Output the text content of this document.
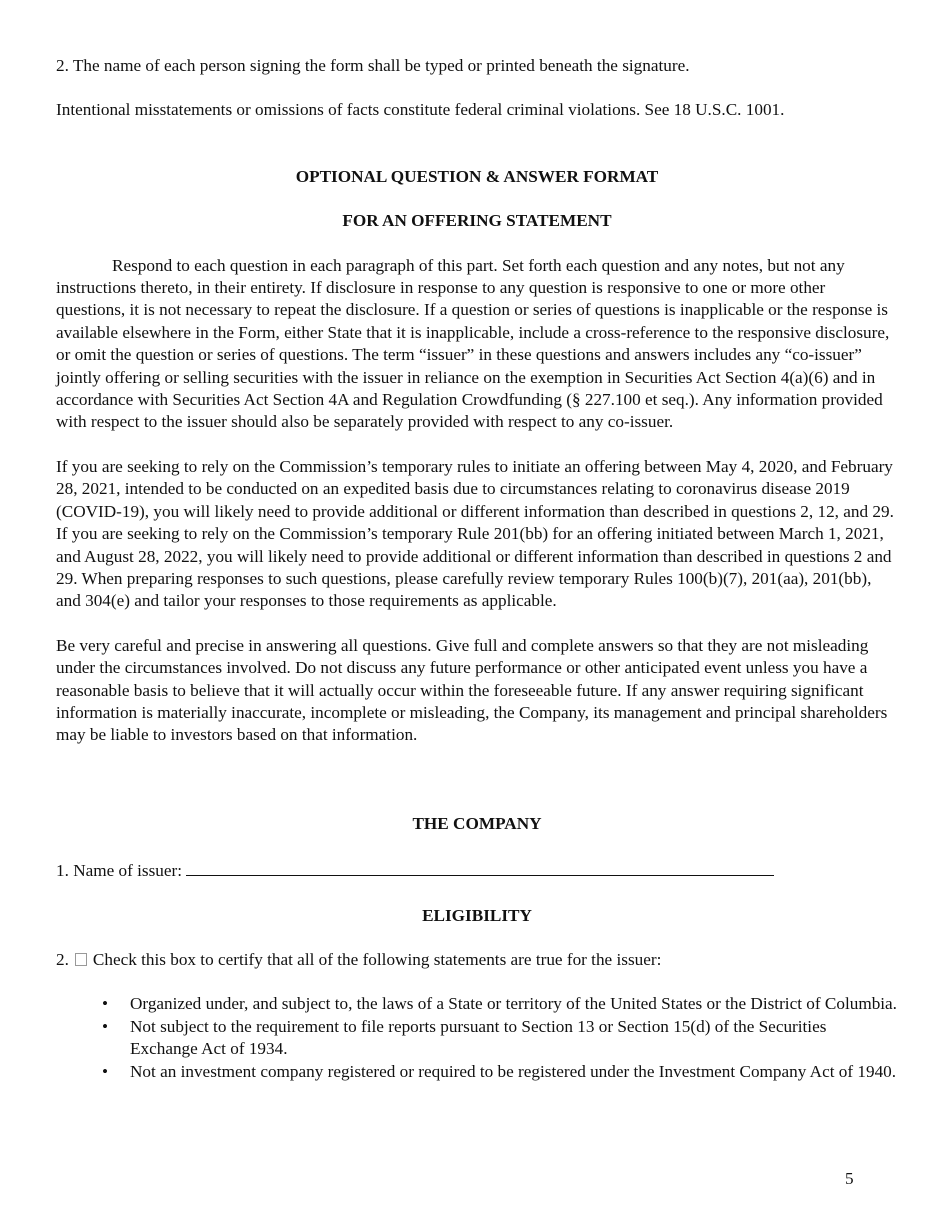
2. The name of each person signing the form shall be typed or printed beneath the signature.

Intentional misstatements or omissions of facts constitute federal criminal violations. See 18 U.S.C. 1001.

OPTIONAL QUESTION & ANSWER FORMAT

FOR AN OFFERING STATEMENT

Respond to each question in each paragraph of this part. Set forth each question and any notes, but not any instructions thereto, in their entirety. If disclosure in response to any question is responsive to one or more other questions, it is not necessary to repeat the disclosure. If a question or series of questions is inapplicable or the response is available elsewhere in the Form, either State that it is inapplicable, include a cross-reference to the responsive disclosure, or omit the question or series of questions. The term “issuer” in these questions and answers includes any “co-issuer” jointly offering or selling securities with the issuer in reliance on the exemption in Securities Act Section 4(a)(6) and in accordance with Securities Act Section 4A and Regulation Crowdfunding (§ 227.100 et seq.). Any information provided with respect to the issuer should also be separately provided with respect to any co-issuer.

If you are seeking to rely on the Commission’s temporary rules to initiate an offering between May 4, 2020, and February 28, 2021, intended to be conducted on an expedited basis due to circumstances relating to coronavirus disease 2019 (COVID-19), you will likely need to provide additional or different information than described in questions 2, 12, and 29. If you are seeking to rely on the Commission’s temporary Rule 201(bb) for an offering initiated between March 1, 2021, and August 28, 2022, you will likely need to provide additional or different information than described in questions 2 and 29. When preparing responses to such questions, please carefully review temporary Rules 100(b)(7), 201(aa), 201(bb), and 304(e) and tailor your responses to those requirements as applicable.

Be very careful and precise in answering all questions. Give full and complete answers so that they are not misleading under the circumstances involved. Do not discuss any future performance or other anticipated event unless you have a reasonable basis to believe that it will actually occur within the foreseeable future. If any answer requiring significant information is materially inaccurate, incomplete or misleading, the Company, its management and principal shareholders may be liable to investors based on that information.

THE COMPANY

1. Name of issuer:

ELIGIBILITY

2. Check this box to certify that all of the following statements are true for the issuer:
• Organized under, and subject to, the laws of a State or territory of the United States or the District of Columbia.
• Not subject to the requirement to file reports pursuant to Section 13 or Section 15(d) of the Securities Exchange Act of 1934.
• Not an investment company registered or required to be registered under the Investment Company Act of 1940.
5
